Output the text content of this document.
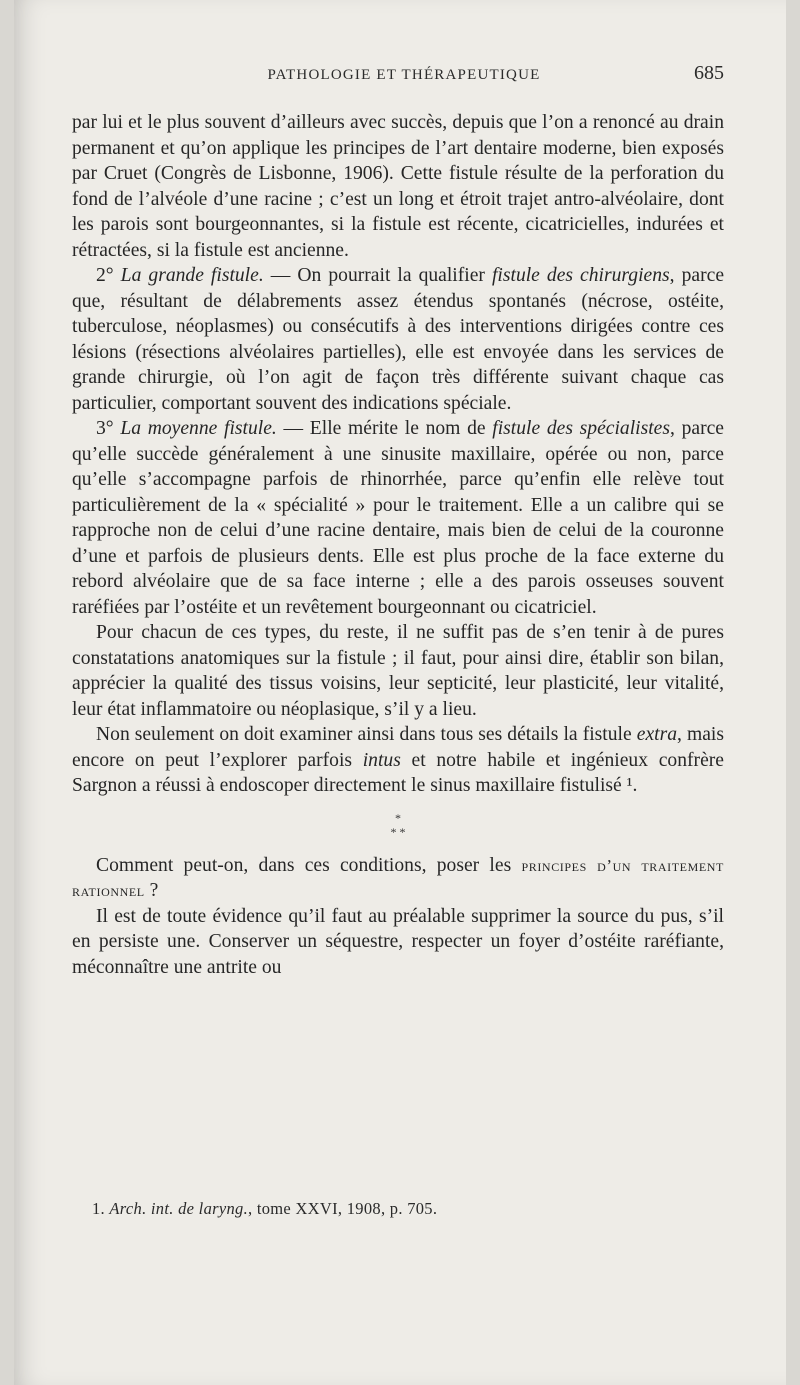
PATHOLOGIE ET THÉRAPEUTIQUE	685

par lui et le plus souvent d’ailleurs avec succès, depuis que l’on a renoncé au drain permanent et qu’on applique les principes de l’art dentaire moderne, bien exposés par Cruet (Congrès de Lisbonne, 1906). Cette fistule résulte de la perforation du fond de l’alvéole d’une racine ; c’est un long et étroit trajet antro-alvéolaire, dont les parois sont bourgeonnantes, si la fistule est récente, cicatricielles, indurées et rétractées, si la fistule est ancienne.

2° La grande fistule. — On pourrait la qualifier fistule des chirurgiens, parce que, résultant de délabrements assez étendus spontanés (nécrose, ostéite, tuberculose, néoplasmes) ou consécutifs à des interventions dirigées contre ces lésions (résections alvéolaires partielles), elle est envoyée dans les services de grande chirurgie, où l’on agit de façon très différente suivant chaque cas particulier, comportant souvent des indications spéciale.

3° La moyenne fistule. — Elle mérite le nom de fistule des spécialistes, parce qu’elle succède généralement à une sinusite maxillaire, opérée ou non, parce qu’elle s’accompagne parfois de rhinorrhée, parce qu’enfin elle relève tout particulièrement de la « spécialité » pour le traitement. Elle a un calibre qui se rapproche non de celui d’une racine dentaire, mais bien de celui de la couronne d’une et parfois de plusieurs dents. Elle est plus proche de la face externe du rebord alvéolaire que de sa face interne ; elle a des parois osseuses souvent raréfiées par l’ostéite et un revêtement bourgeonnant ou cicatriciel.

Pour chacun de ces types, du reste, il ne suffit pas de s’en tenir à de pures constatations anatomiques sur la fistule ; il faut, pour ainsi dire, établir son bilan, apprécier la qualité des tissus voisins, leur septicité, leur plasticité, leur vitalité, leur état inflammatoire ou néoplasique, s’il y a lieu.

Non seulement on doit examiner ainsi dans tous ses détails la fistule extra, mais encore on peut l’explorer parfois intus et notre habile et ingénieux confrère Sargnon a réussi à endoscoper directement le sinus maxillaire fistulisé ¹.

*
* *

Comment peut-on, dans ces conditions, poser les principes d’un traitement rationnel ?

Il est de toute évidence qu’il faut au préalable supprimer la source du pus, s’il en persiste une. Conserver un séquestre, respecter un foyer d’ostéite raréfiante, méconnaître une antrite ou

1. Arch. int. de laryng., tome XXVI, 1908, p. 705.
